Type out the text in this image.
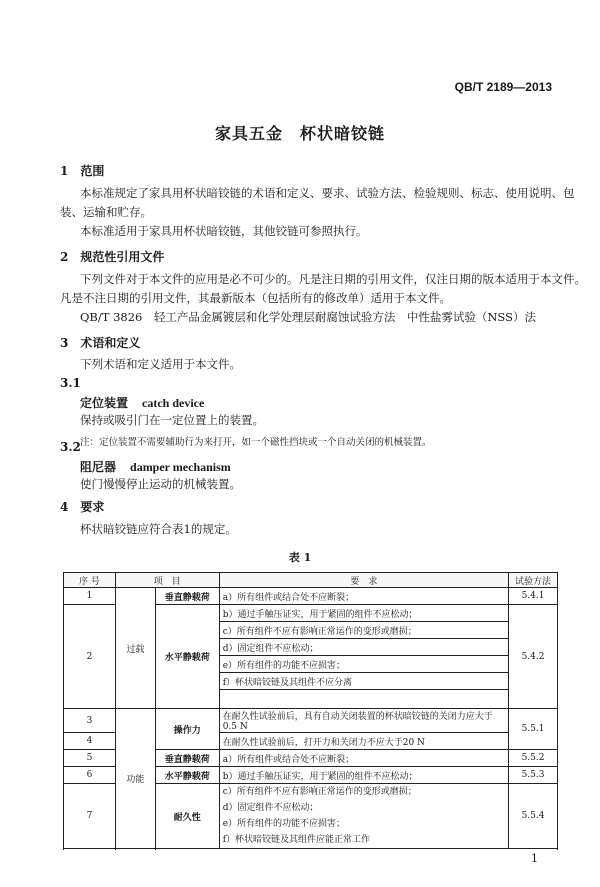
QB/T 2189—2013
家具五金　杯状暗铰链
1　范围
本标准规定了家具用杯状暗铰链的术语和定义、要求、试验方法、检验规则、标志、使用说明、包
装、运输和贮存。
本标准适用于家具用杯状暗铰链，其他铰链可参照执行。
2　规范性引用文件
下列文件对于本文件的应用是必不可少的。凡是注日期的引用文件，仅注日期的版本适用于本文件。
凡是不注日期的引用文件，其最新版本（包括所有的修改单）适用于本文件。
QB/T 3826　轻工产品金属镀层和化学处理层耐腐蚀试验方法　中性盐雾试验（NSS）法
3　术语和定义
下列术语和定义适用于本文件。
3.1
定位装置 catch device
保持或吸引门在一定位置上的装置。
注：定位装置不需要辅助行为来打开，如一个磁性挡块或一个自动关闭的机械装置。
3.2
阻尼器 damper mechanism
使门慢慢停止运动的机械装置。
4　要求
杯状暗铰链应符合表1的规定。
表 1
序 号	项　目		要　求	试验方法
1	过载	垂直静载荷	a）所有组件或结合处不应断裂；	5.4.1
2		水平静载荷	b）通过手触压证实，用于紧固的组件不应松动；	5.4.2
			c）所有组件不应有影响正常运作的变形或磨损；	
			d）固定组件不应松动；	
			e）所有组件的功能不应损害；	
			f）杯状暗铰链及其组件不应分离	

3	功能	操作力	在耐久性试验前后，具有自动关闭装置的杯状暗铰链的关闭力应大于0.5 N	5.5.1
4			在耐久性试验前后，打开力和关闭力不应大于20 N	
5		垂直静载荷	a）所有组件或结合处不应断裂；	5.5.2
6		水平静载荷	b）通过手触压证实，用于紧固的组件不应松动；	5.5.3
7		耐久性	c）所有组件不应有影响正常运作的变形或磨损；
d）固定组件不应松动；
e）所有组件的功能不应损害；
f）杯状暗铰链及其组件应能正常工作	5.5.4

1
